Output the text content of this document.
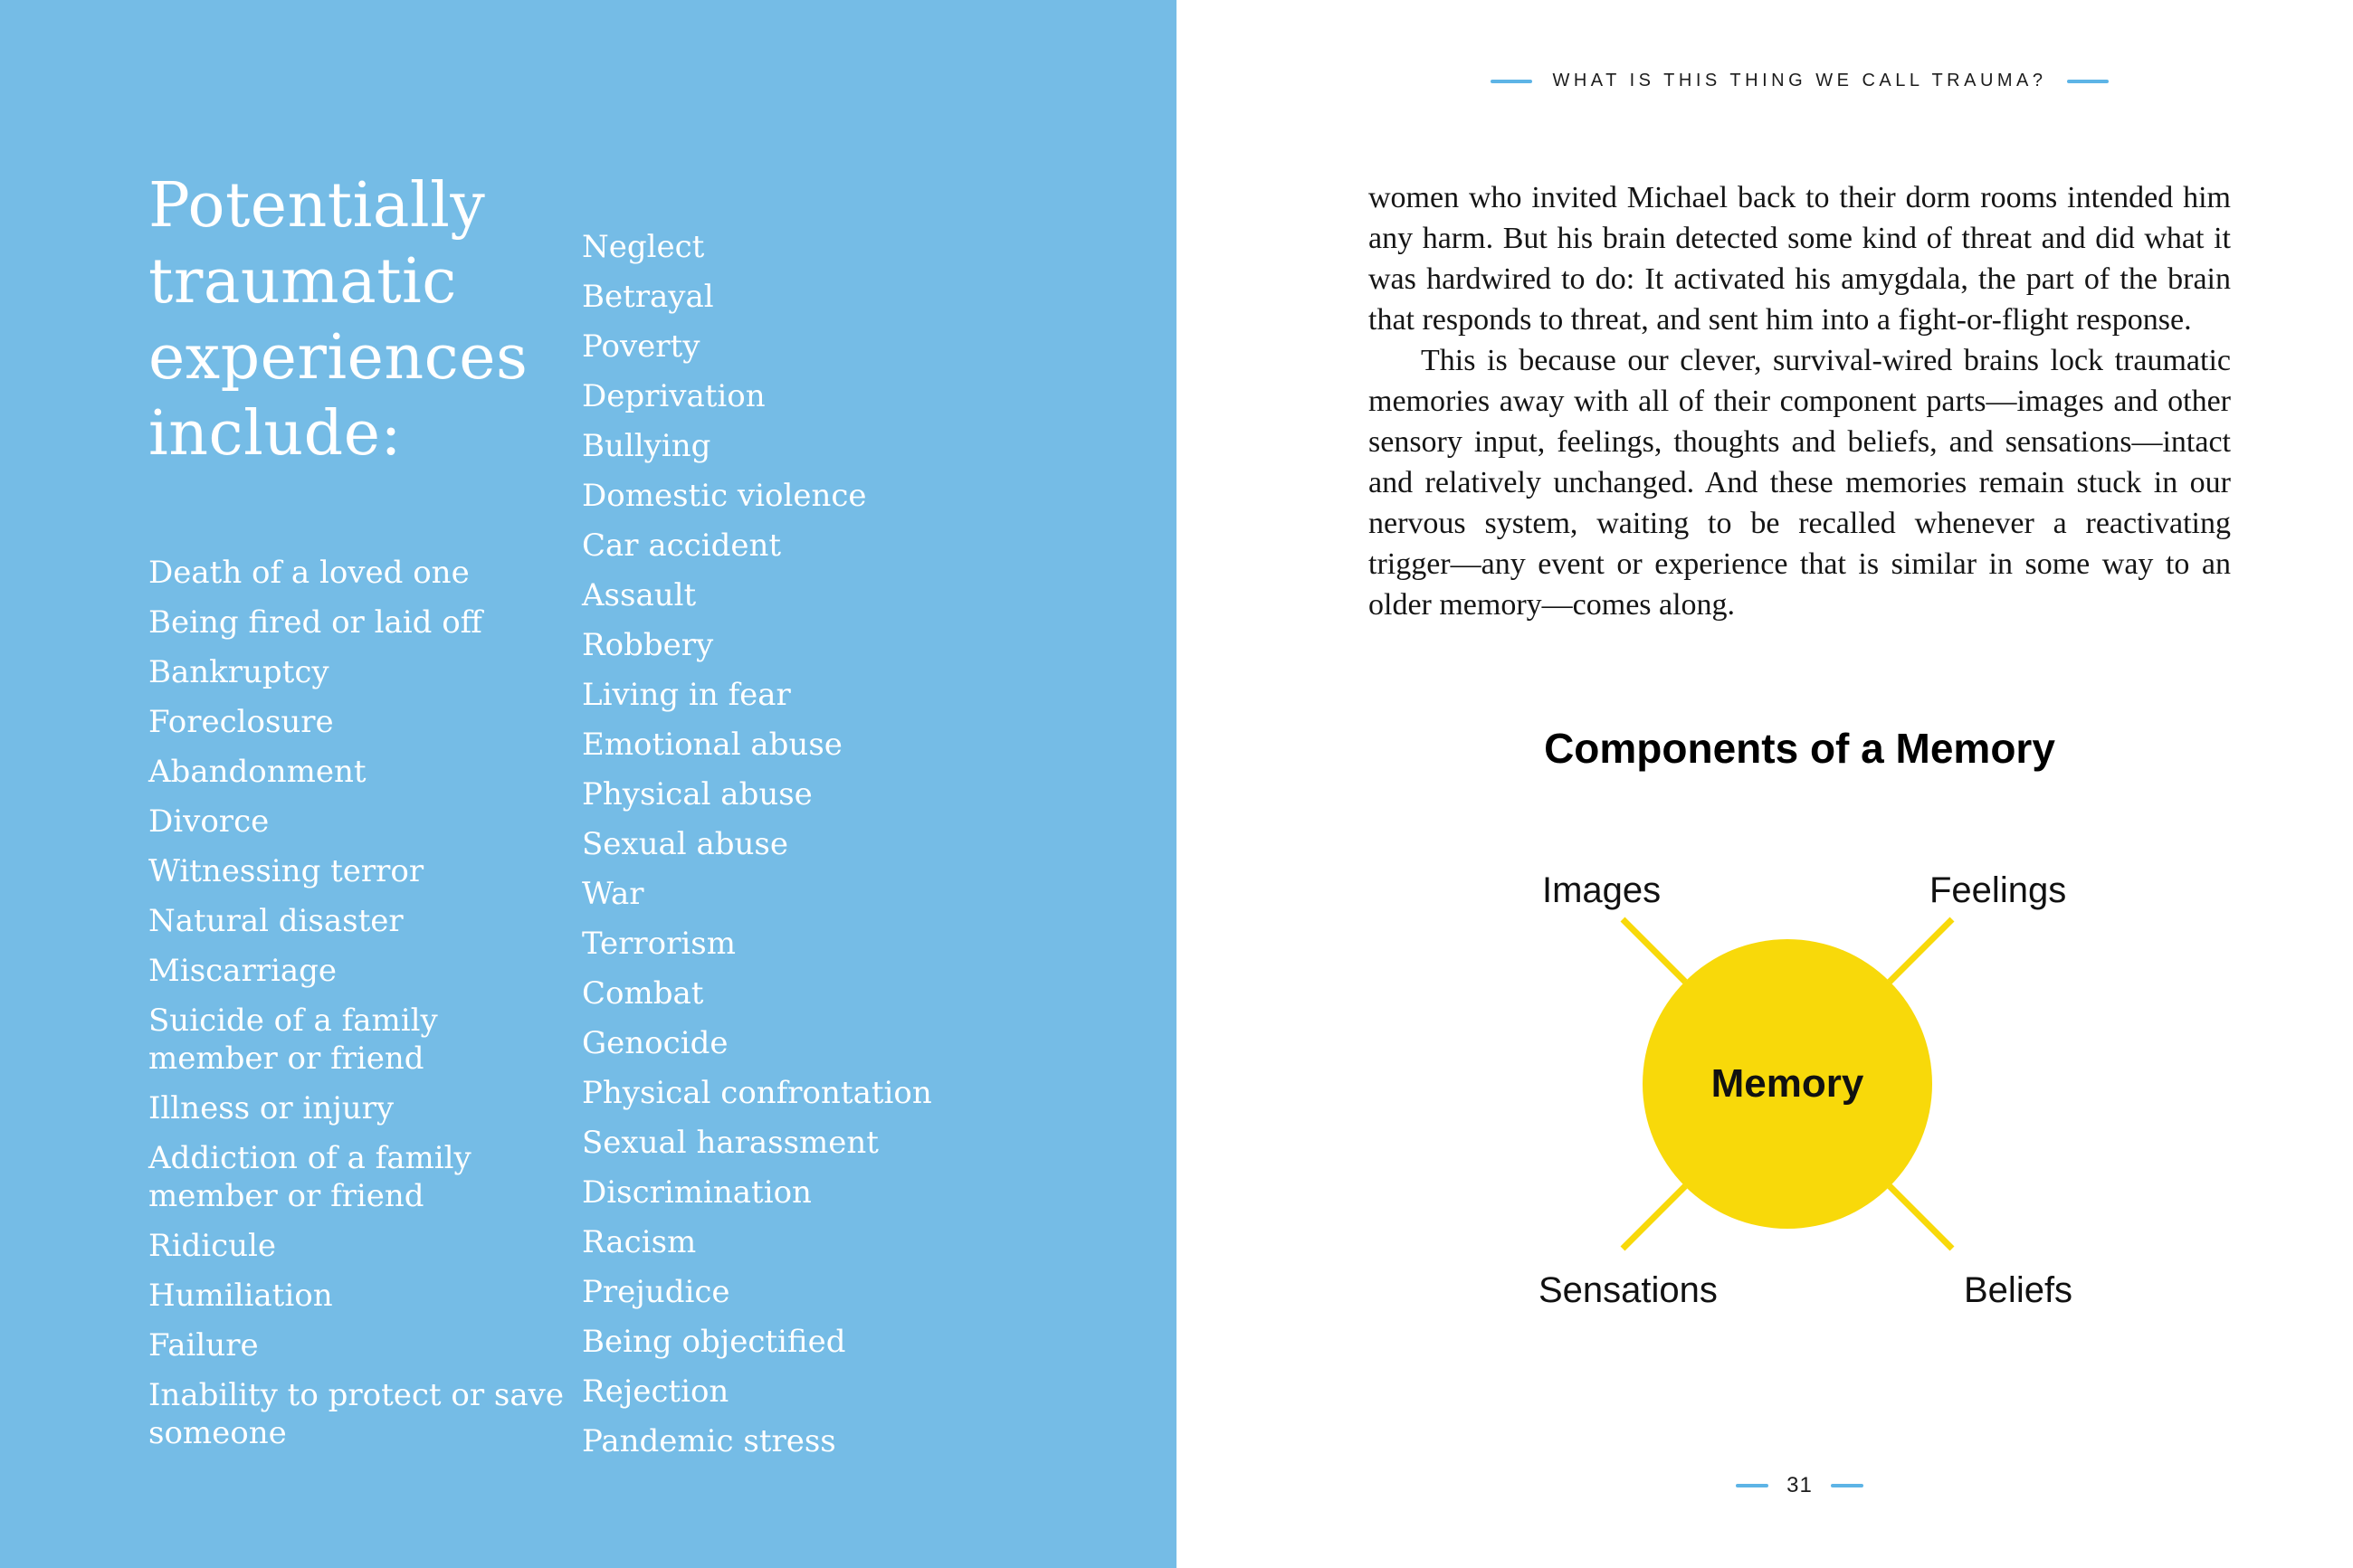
Potentially traumatic experiences include:
Death of a loved one
Being fired or laid off
Bankruptcy
Foreclosure
Abandonment
Divorce
Witnessing terror
Natural disaster
Miscarriage
Suicide of a family member or friend
Illness or injury
Addiction of a family member or friend
Ridicule
Humiliation
Failure
Inability to protect or save someone
Neglect
Betrayal
Poverty
Deprivation
Bullying
Domestic violence
Car accident
Assault
Robbery
Living in fear
Emotional abuse
Physical abuse
Sexual abuse
War
Terrorism
Combat
Genocide
Physical confrontation
Sexual harassment
Discrimination
Racism
Prejudice
Being objectified
Rejection
Pandemic stress
WHAT IS THIS THING WE CALL TRAUMA?

women who invited Michael back to their dorm rooms intended him any harm. But his brain detected some kind of threat and did what it was hardwired to do: It activated his amygdala, the part of the brain that responds to threat, and sent him into a fight-or-flight response.

This is because our clever, survival-wired brains lock traumatic memories away with all of their component parts—images and other sensory input, feelings, thoughts and beliefs, and sensations—intact and relatively unchanged. And these memories remain stuck in our nervous system, waiting to be recalled whenever a reactivating trigger—any event or experience that is similar in some way to an older memory—comes along.

Components of a Memory
Memory
Images	Feelings
Sensations	Beliefs
31
